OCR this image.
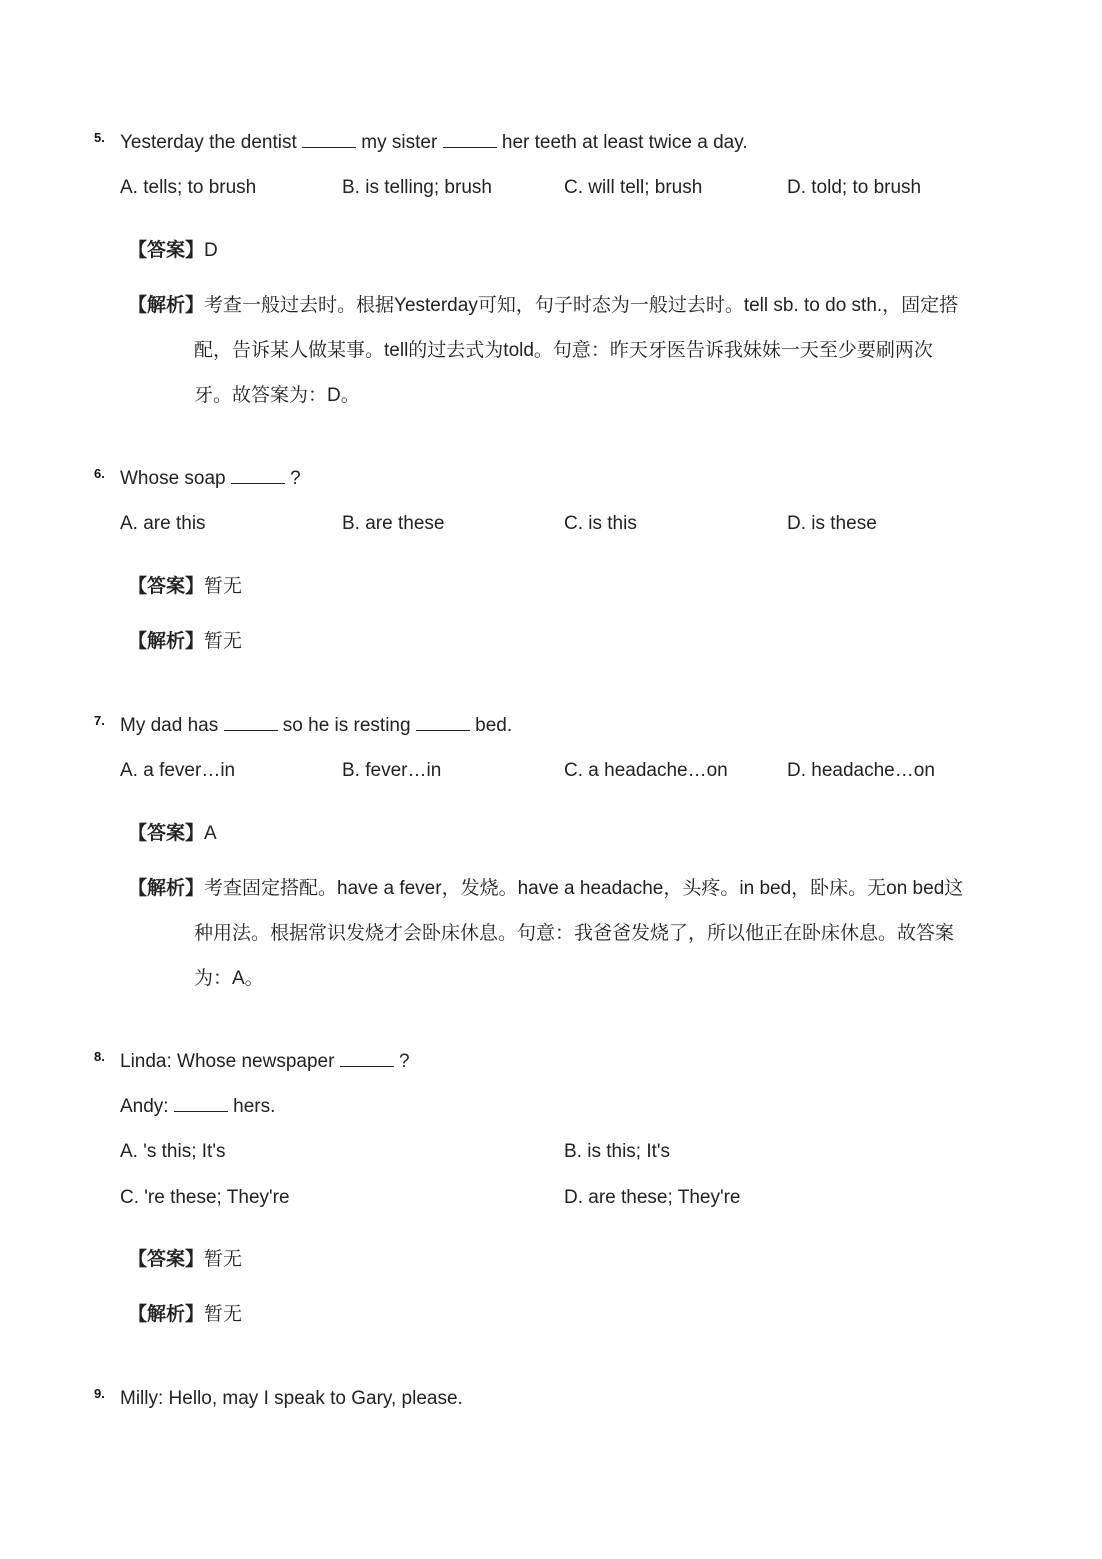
5. Yesterday the dentist	my sister	her teeth at least twice a day.
A. tells; to brush	B. is telling; brush	C. will tell; brush	D. told; to brush
【答案】D
【解析】考查一般过去时。根据Yesterday可知，句子时态为一般过去时。tell sb. to do sth.，固定搭
配，告诉某人做某事。tell的过去式为told。句意：昨天牙医告诉我妹妹一天至少要刷两次
牙。故答案为：D。
6. Whose soap	?
A. are this	B. are these	C. is this	D. is these
【答案】暂无
【解析】暂无
7. My dad has	so he is resting	bed.
A. a fever…in	B. fever…in	C. a headache…on	D. headache…on
【答案】A
【解析】考查固定搭配。have a fever，发烧。have a headache，头疼。in bed，卧床。无on bed这
种用法。根据常识发烧才会卧床休息。句意：我爸爸发烧了，所以他正在卧床休息。故答案
为：A。
8. Linda: Whose newspaper	?
Andy:	hers.
A. 's this; It's	B. is this; It's
C. 're these; They're	D. are these; They're
【答案】暂无
【解析】暂无
9. Milly: Hello, may I speak to Gary, please.
